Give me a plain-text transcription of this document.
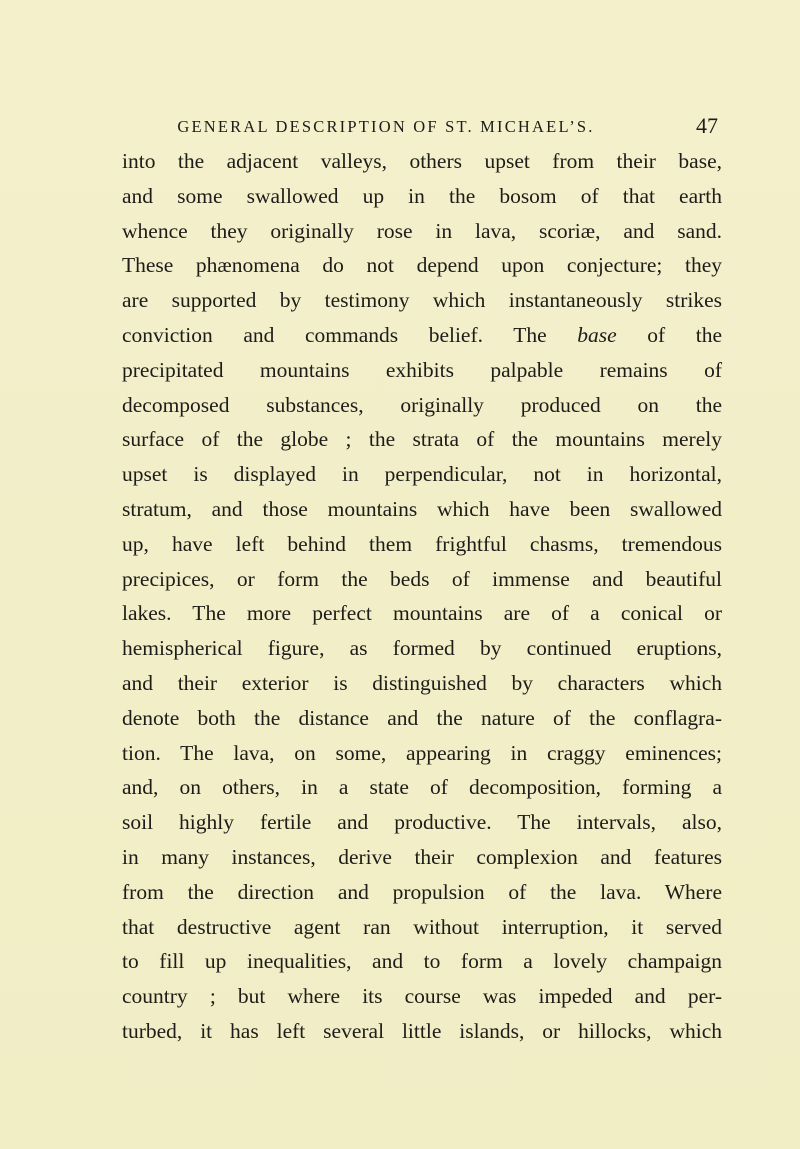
GENERAL DESCRIPTION OF ST. MICHAEL’S.	47
into the adjacent valleys, others upset from their base,
and some swallowed up in the bosom of that earth
whence they originally rose in lava, scoriæ, and sand.
These phænomena do not depend upon conjecture; they
are supported by testimony which instantaneously strikes
conviction and commands belief. The base of the
precipitated mountains exhibits palpable remains of
decomposed substances, originally produced on the
surface of the globe ; the strata of the mountains merely
upset is displayed in perpendicular, not in horizontal,
stratum, and those mountains which have been swallowed
up, have left behind them frightful chasms, tremendous
precipices, or form the beds of immense and beautiful
lakes. The more perfect mountains are of a conical or
hemispherical figure, as formed by continued eruptions,
and their exterior is distinguished by characters which
denote both the distance and the nature of the conflagra-
tion. The lava, on some, appearing in craggy eminences;
and, on others, in a state of decomposition, forming a
soil highly fertile and productive. The intervals, also,
in many instances, derive their complexion and features
from the direction and propulsion of the lava. Where
that destructive agent ran without interruption, it served
to fill up inequalities, and to form a lovely champaign
country ; but where its course was impeded and per-
turbed, it has left several little islands, or hillocks, which
